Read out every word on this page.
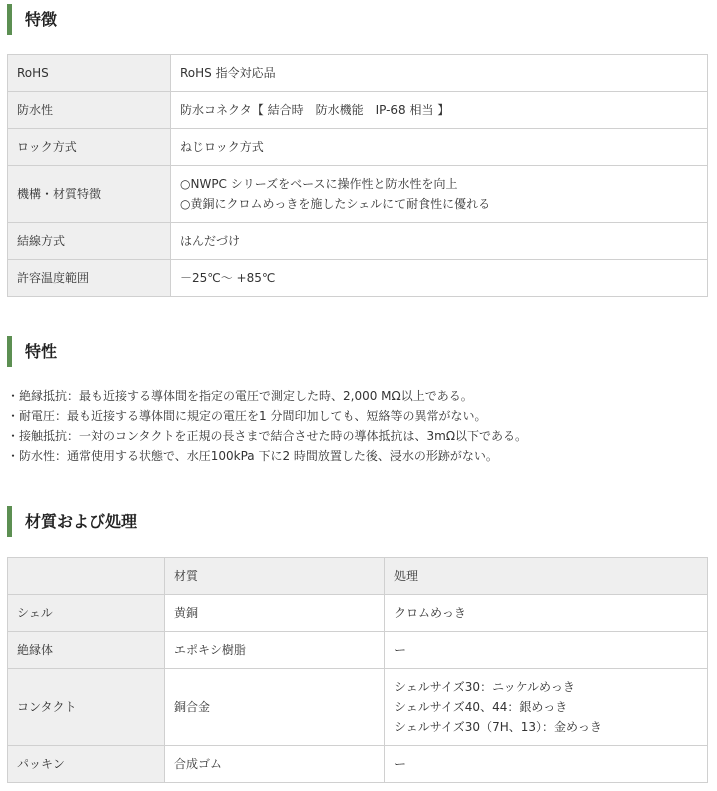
特徴
RoHS	RoHS 指令対応品

防水性	防水コネクタ【 結合時　防水機能　IP-68 相当 】

ロック方式	ねじロック方式

機構・材質特徴	○NWPC シリーズをベースに操作性と防水性を向上
○黄銅にクロムめっきを施したシェルにて耐食性に優れる

結線方式	はんだづけ

許容温度範囲	－25℃～ +85℃
特性
・絶縁抵抗：最も近接する導体間を指定の電圧で測定した時、2,000 MΩ以上である。
・耐電圧：最も近接する導体間に規定の電圧を1 分間印加しても、短絡等の異常がない。
・接触抵抗：一対のコンタクトを正規の長さまで結合させた時の導体抵抗は、3mΩ以下である。
・防水性：通常使用する状態で、水圧100kPa 下に2 時間放置した後、浸水の形跡がない。
材質および処理
	材質	処理
シェル	黄銅	クロムめっき

絶縁体	エポキシ樹脂	ー

コンタクト	銅合金	シェルサイズ30：ニッケルめっき
シェルサイズ40、44：銀めっき
シェルサイズ30（7H、13）：金めっき

パッキン	合成ゴム	ー
